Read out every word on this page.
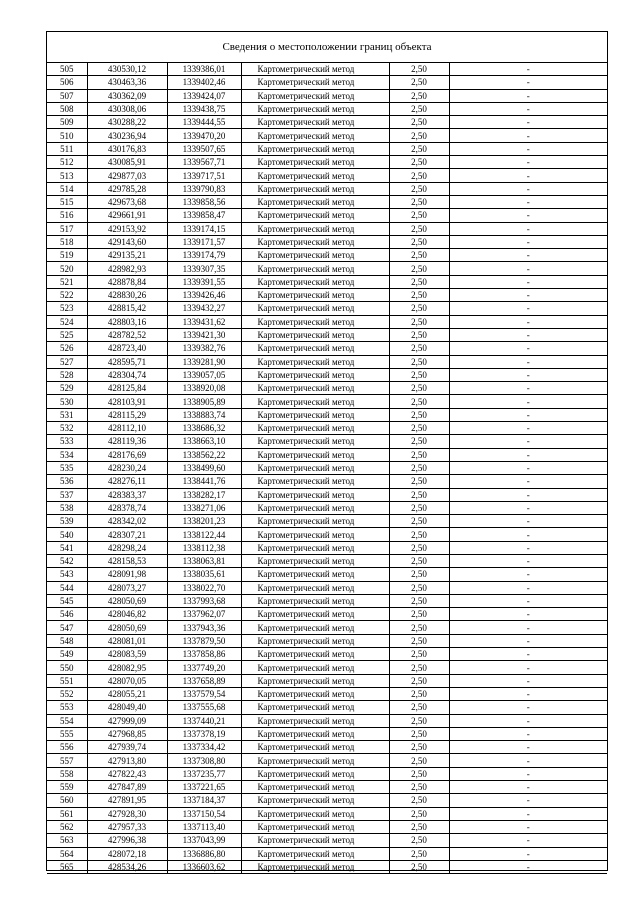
Сведения о местоположении границ объекта
505	430530,12	1339386,01	Картометрический метод	2,50	-
506	430463,36	1339402,46	Картометрический метод	2,50	-
507	430362,09	1339424,07	Картометрический метод	2,50	-
508	430308,06	1339438,75	Картометрический метод	2,50	-
509	430288,22	1339444,55	Картометрический метод	2,50	-
510	430236,94	1339470,20	Картометрический метод	2,50	-
511	430176,83	1339507,65	Картометрический метод	2,50	-
512	430085,91	1339567,71	Картометрический метод	2,50	-
513	429877,03	1339717,51	Картометрический метод	2,50	-
514	429785,28	1339790,83	Картометрический метод	2,50	-
515	429673,68	1339858,56	Картометрический метод	2,50	-
516	429661,91	1339858,47	Картометрический метод	2,50	-
517	429153,92	1339174,15	Картометрический метод	2,50	-
518	429143,60	1339171,57	Картометрический метод	2,50	-
519	429135,21	1339174,79	Картометрический метод	2,50	-
520	428982,93	1339307,35	Картометрический метод	2,50	-
521	428878,84	1339391,55	Картометрический метод	2,50	-
522	428830,26	1339426,46	Картометрический метод	2,50	-
523	428815,42	1339432,27	Картометрический метод	2,50	-
524	428803,16	1339431,62	Картометрический метод	2,50	-
525	428782,52	1339421,30	Картометрический метод	2,50	-
526	428723,40	1339382,76	Картометрический метод	2,50	-
527	428595,71	1339281,90	Картометрический метод	2,50	-
528	428304,74	1339057,05	Картометрический метод	2,50	-
529	428125,84	1338920,08	Картометрический метод	2,50	-
530	428103,91	1338905,89	Картометрический метод	2,50	-
531	428115,29	1338883,74	Картометрический метод	2,50	-
532	428112,10	1338686,32	Картометрический метод	2,50	-
533	428119,36	1338663,10	Картометрический метод	2,50	-
534	428176,69	1338562,22	Картометрический метод	2,50	-
535	428230,24	1338499,60	Картометрический метод	2,50	-
536	428276,11	1338441,76	Картометрический метод	2,50	-
537	428383,37	1338282,17	Картометрический метод	2,50	-
538	428378,74	1338271,06	Картометрический метод	2,50	-
539	428342,02	1338201,23	Картометрический метод	2,50	-
540	428307,21	1338122,44	Картометрический метод	2,50	-
541	428298,24	1338112,38	Картометрический метод	2,50	-
542	428158,53	1338063,81	Картометрический метод	2,50	-
543	428091,98	1338035,61	Картометрический метод	2,50	-
544	428073,27	1338022,70	Картометрический метод	2,50	-
545	428050,69	1337993,68	Картометрический метод	2,50	-
546	428046,82	1337962,07	Картометрический метод	2,50	-
547	428050,69	1337943,36	Картометрический метод	2,50	-
548	428081,01	1337879,50	Картометрический метод	2,50	-
549	428083,59	1337858,86	Картометрический метод	2,50	-
550	428082,95	1337749,20	Картометрический метод	2,50	-
551	428070,05	1337658,89	Картометрический метод	2,50	-
552	428055,21	1337579,54	Картометрический метод	2,50	-
553	428049,40	1337555,68	Картометрический метод	2,50	-
554	427999,09	1337440,21	Картометрический метод	2,50	-
555	427968,85	1337378,19	Картометрический метод	2,50	-
556	427939,74	1337334,42	Картометрический метод	2,50	-
557	427913,80	1337308,80	Картометрический метод	2,50	-
558	427822,43	1337235,77	Картометрический метод	2,50	-
559	427847,89	1337221,65	Картометрический метод	2,50	-
560	427891,95	1337184,37	Картометрический метод	2,50	-
561	427928,30	1337150,54	Картометрический метод	2,50	-
562	427957,33	1337113,40	Картометрический метод	2,50	-
563	427996,38	1337043,99	Картометрический метод	2,50	-
564	428072,18	1336886,80	Картометрический метод	2,50	-
565	428534,26	1336603,62	Картометрический метод	2,50	-
